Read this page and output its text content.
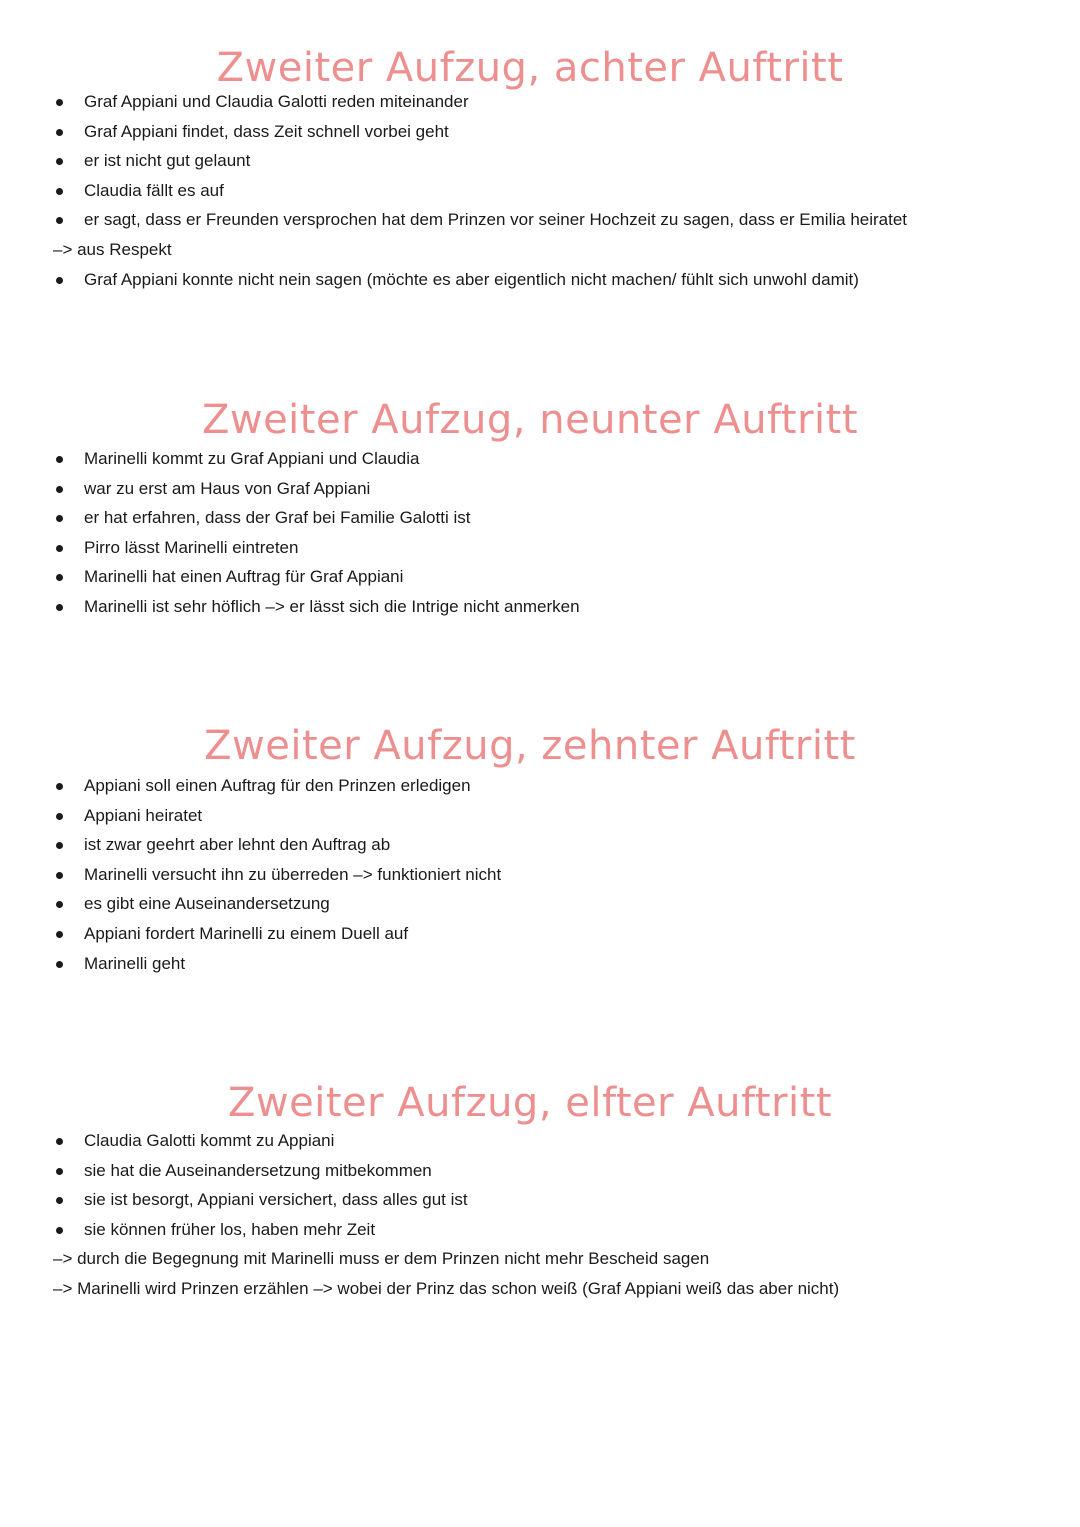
Zweiter Aufzug, achter Auftritt
Graf Appiani und Claudia Galotti reden miteinander
Graf Appiani findet, dass Zeit schnell vorbei geht
er ist nicht gut gelaunt
Claudia fällt es auf
er sagt, dass er Freunden versprochen hat dem Prinzen vor seiner Hochzeit zu sagen, dass er Emilia heiratet
–> aus Respekt
Graf Appiani konnte nicht nein sagen (möchte es aber eigentlich nicht machen/ fühlt sich unwohl damit)
Zweiter Aufzug, neunter Auftritt
Marinelli kommt zu Graf Appiani und Claudia
war zu erst am Haus von Graf Appiani
er hat erfahren, dass der Graf bei Familie Galotti ist
Pirro lässt Marinelli eintreten
Marinelli hat einen Auftrag für Graf Appiani
Marinelli ist sehr höflich –> er lässt sich die Intrige nicht anmerken
Zweiter Aufzug, zehnter Auftritt
Appiani soll einen Auftrag für den Prinzen erledigen
Appiani heiratet
ist zwar geehrt aber lehnt den Auftrag ab
Marinelli versucht ihn zu überreden –> funktioniert nicht
es gibt eine Auseinandersetzung
Appiani fordert Marinelli zu einem Duell auf
Marinelli geht
Zweiter Aufzug, elfter Auftritt
Claudia Galotti kommt zu Appiani
sie hat die Auseinandersetzung mitbekommen
sie ist besorgt, Appiani versichert, dass alles gut ist
sie können früher los, haben mehr Zeit
–> durch die Begegnung mit Marinelli muss er dem Prinzen nicht mehr Bescheid sagen
–> Marinelli wird Prinzen erzählen –> wobei der Prinz das schon weiß (Graf Appiani weiß das aber nicht)
